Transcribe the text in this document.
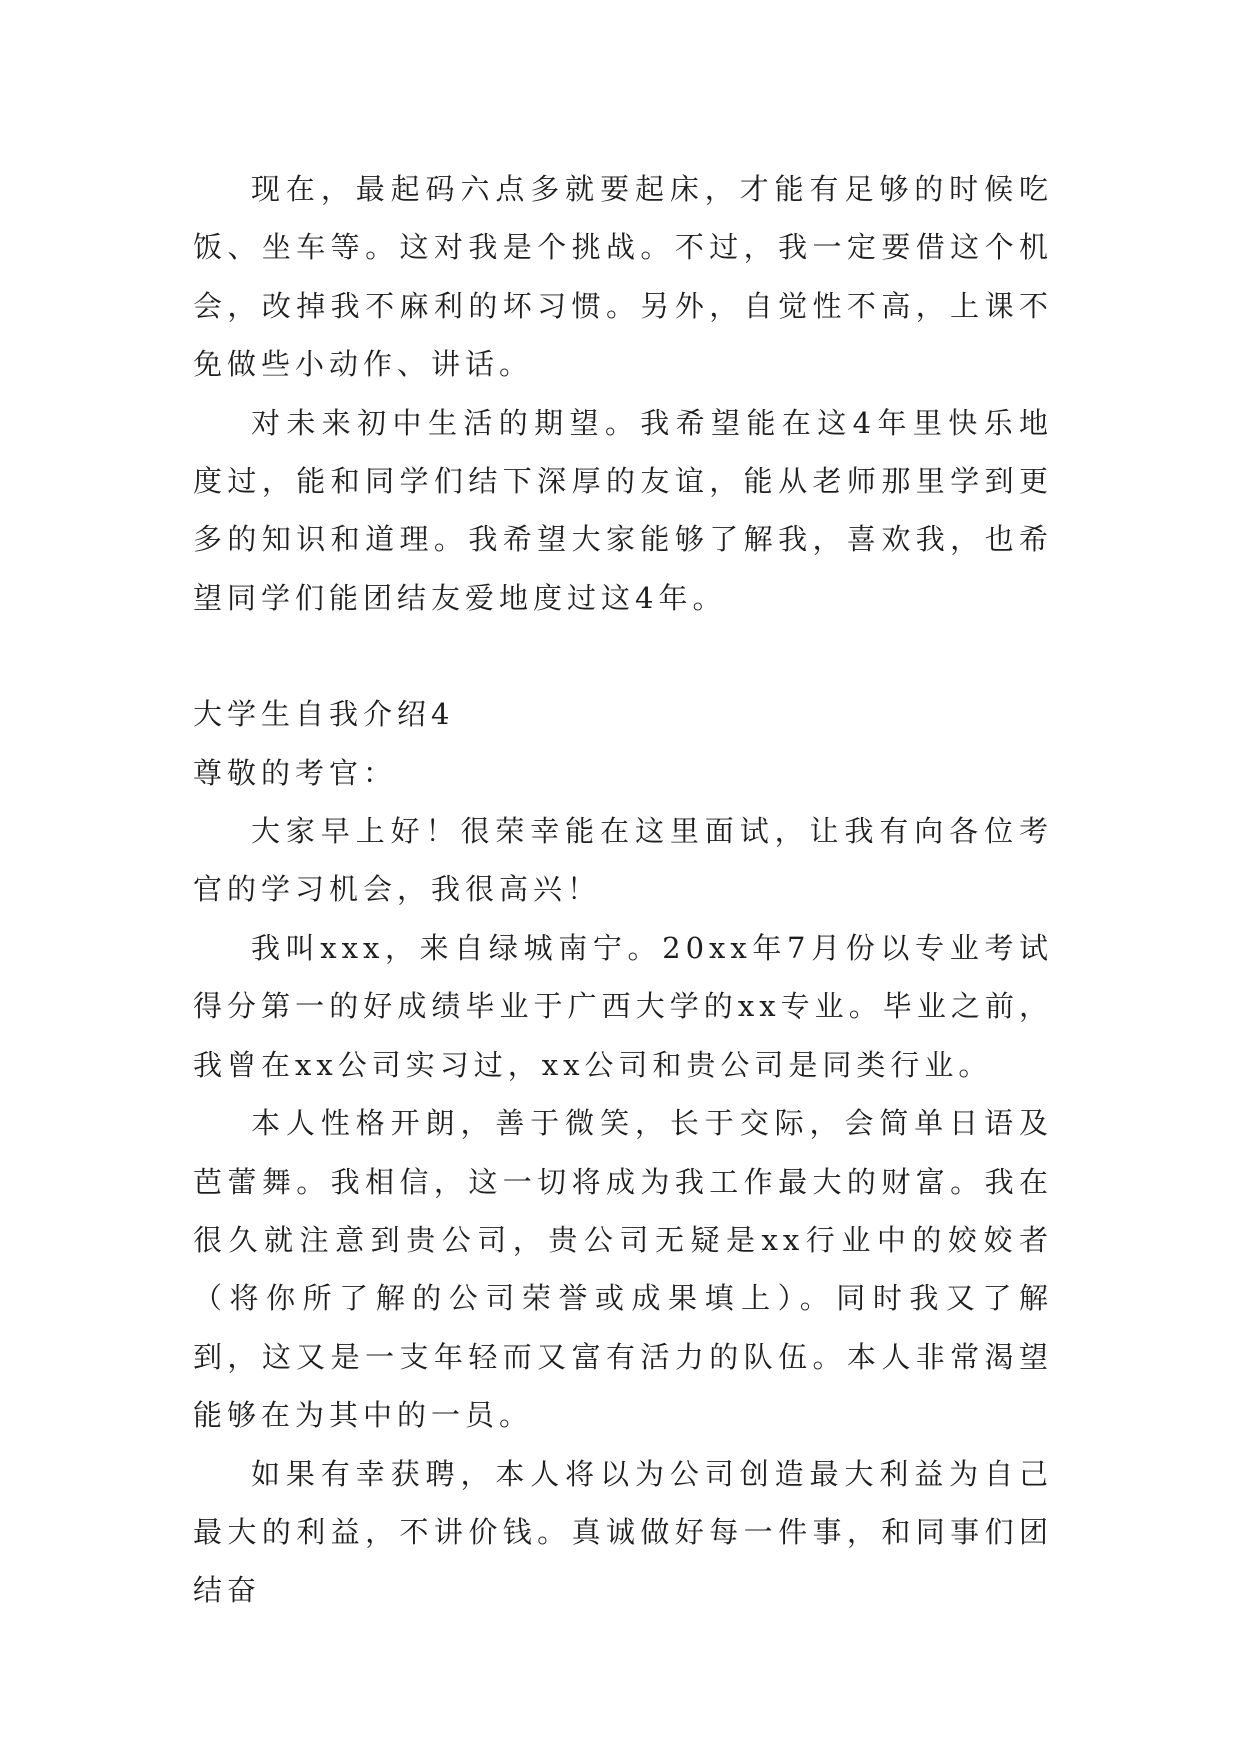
现在，最起码六点多就要起床，才能有足够的时候吃饭、坐车等。这对我是个挑战。不过，我一定要借这个机会，改掉我不麻利的坏习惯。另外，自觉性不高，上课不免做些小动作、讲话。

对未来初中生活的期望。我希望能在这4年里快乐地度过，能和同学们结下深厚的友谊，能从老师那里学到更多的知识和道理。我希望大家能够了解我，喜欢我，也希望同学们能团结友爱地度过这4年。

大学生自我介绍4

尊敬的考官：

大家早上好！很荣幸能在这里面试，让我有向各位考官的学习机会，我很高兴！

我叫xxx，来自绿城南宁。20xx年7月份以专业考试得分第一的好成绩毕业于广西大学的xx专业。毕业之前，我曾在xx公司实习过，xx公司和贵公司是同类行业。

本人性格开朗，善于微笑，长于交际，会简单日语及芭蕾舞。我相信，这一切将成为我工作最大的财富。我在很久就注意到贵公司，贵公司无疑是xx行业中的姣姣者（将你所了解的公司荣誉或成果填上）。同时我又了解到，这又是一支年轻而又富有活力的队伍。本人非常渴望能够在为其中的一员。

如果有幸获聘，本人将以为公司创造最大利益为自己最大的利益，不讲价钱。真诚做好每一件事，和同事们团结奋
